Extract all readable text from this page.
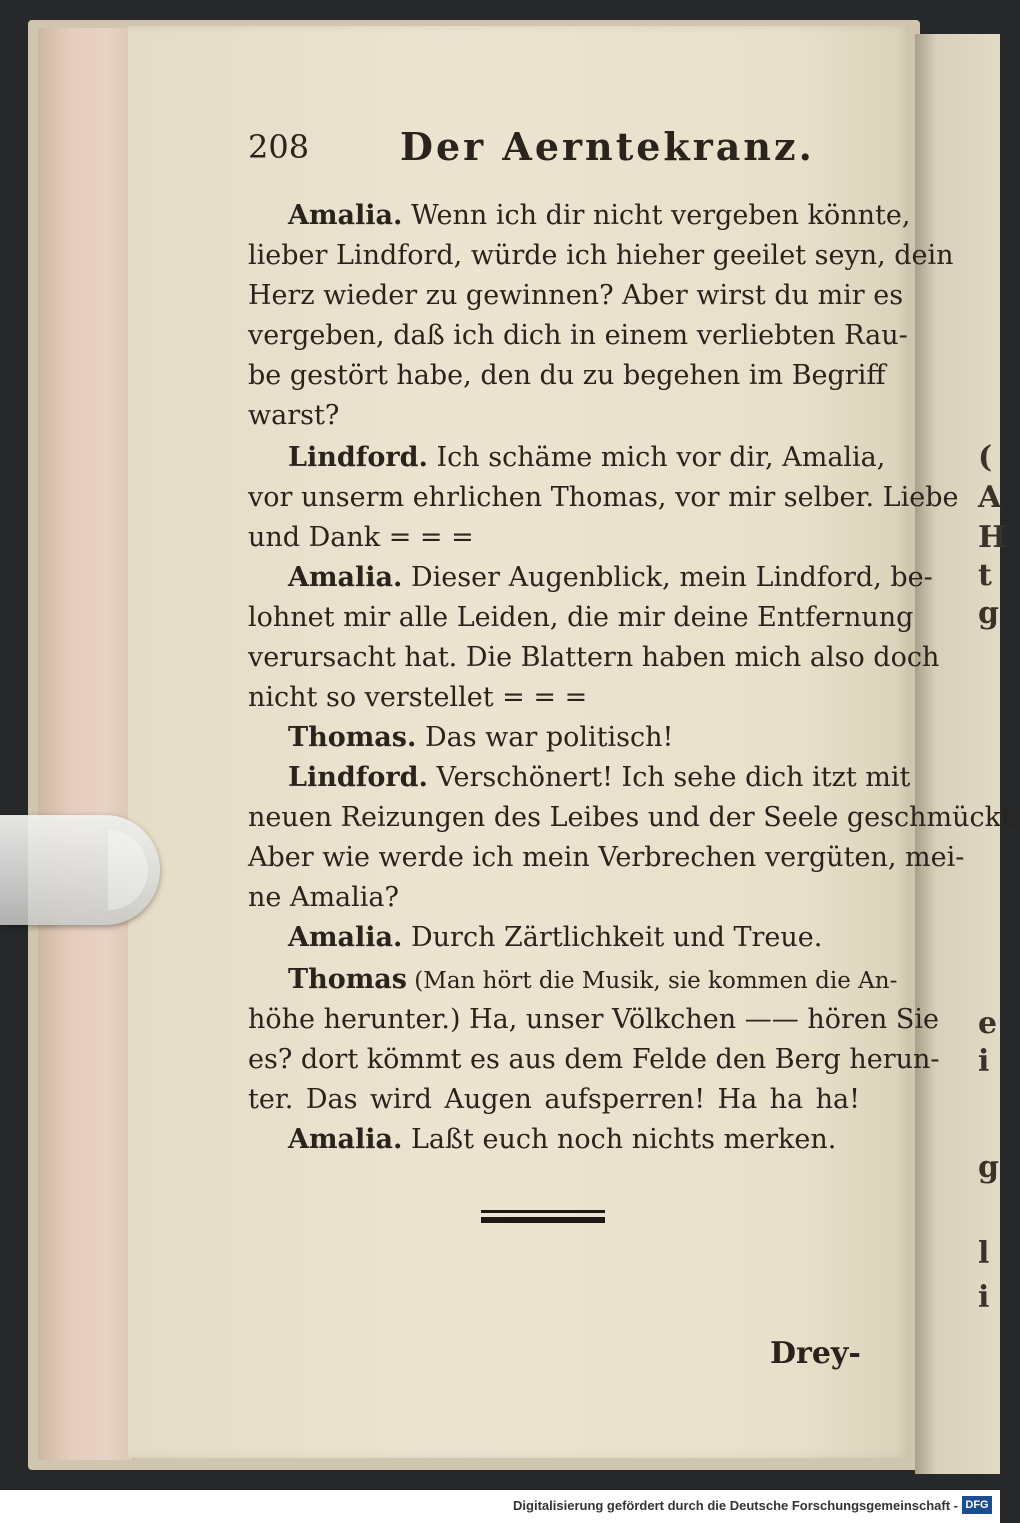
(
A
H
t
g
e
i
g
l
i
208 Der Aerntekranz.
Amalia. Wenn ich dir nicht vergeben könnte,
lieber Lindford, würde ich hieher geeilet seyn, dein
Herz wieder zu gewinnen? Aber wirst du mir es
vergeben, daß ich dich in einem verliebten Rau-
be gestört habe, den du zu begehen im Begriff
warst?
Lindford. Ich schäme mich vor dir, Amalia,
vor unserm ehrlichen Thomas, vor mir selber. Liebe
und Dank = = =
Amalia. Dieser Augenblick, mein Lindford, be-
lohnet mir alle Leiden, die mir deine Entfernung
verursacht hat. Die Blattern haben mich also doch
nicht so verstellet = = =
Thomas. Das war politisch!
Lindford. Verschönert! Ich sehe dich itzt mit
neuen Reizungen des Leibes und der Seele geschmückt.
Aber wie werde ich mein Verbrechen vergüten, mei-
ne Amalia?
Amalia. Durch Zärtlichkeit und Treue.
Thomas (Man hört die Musik, sie kommen die An-
höhe herunter.) Ha, unser Völkchen —— hören Sie
es? dort kömmt es aus dem Felde den Berg herun-
ter. Das wird Augen aufsperren! Ha ha ha!
Amalia. Laßt euch noch nichts merken.
Drey-
Digitalisierung gefördert durch die Deutsche Forschungsgemeinschaft - DFG
